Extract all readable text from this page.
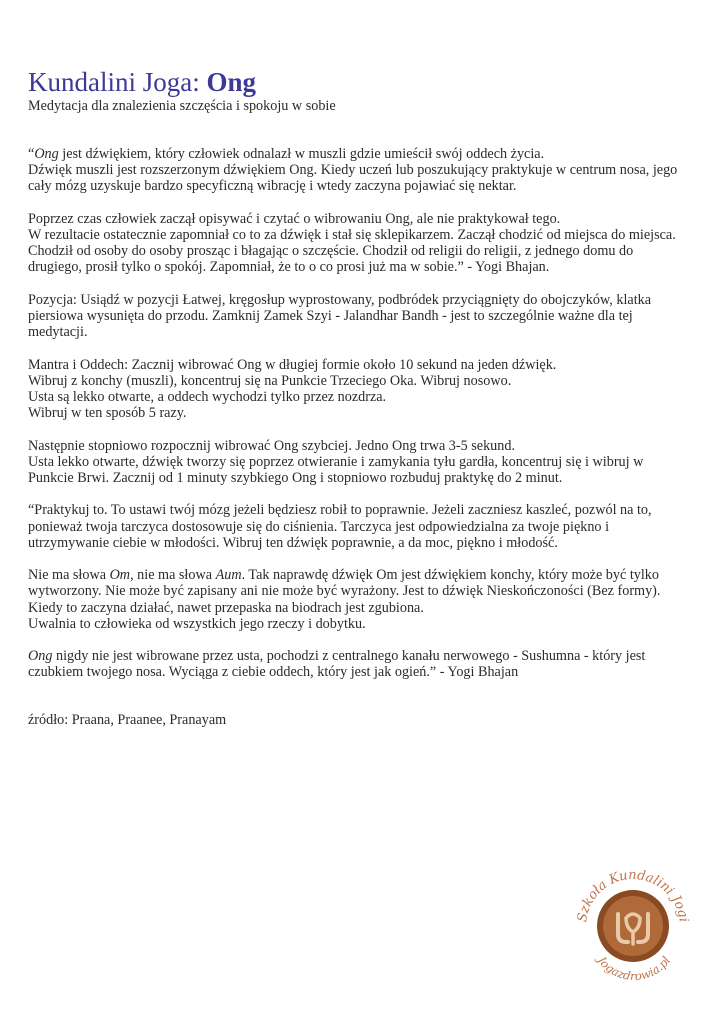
Kundalini Joga: Ong

Medytacja dla znalezienia szczęścia i spokoju w sobie

“Ong jest dźwiękiem, który człowiek odnalazł w muszli gdzie umieścił swój oddech życia.
Dźwięk muszli jest rozszerzonym dźwiękiem Ong. Kiedy uczeń lub poszukujący praktykuje w centrum nosa, jego
cały mózg uzyskuje bardzo specyficzną wibrację i wtedy zaczyna pojawiać się nektar.

Poprzez czas człowiek zaczął opisywać i czytać o wibrowaniu Ong, ale nie praktykował tego.
W rezultacie ostatecznie zapomniał co to za dźwięk i stał się sklepikarzem. Zaczął chodzić od miejsca do miejsca.
Chodził od osoby do osoby prosząc i błagając o szczęście. Chodził od religii do religii, z jednego domu do
drugiego, prosił tylko o spokój. Zapomniał, że to o co prosi już ma w sobie.” - Yogi Bhajan.

Pozycja: Usiądź w pozycji Łatwej, kręgosłup wyprostowany, podbródek przyciągnięty do obojczyków, klatka
piersiowa wysunięta do przodu. Zamknij Zamek Szyi - Jalandhar Bandh - jest to szczególnie ważne dla tej
medytacji.

Mantra i Oddech: Zacznij wibrować Ong w długiej formie około 10 sekund na jeden dźwięk.
Wibruj z konchy (muszli), koncentruj się na Punkcie Trzeciego Oka. Wibruj nosowo.
Usta są lekko otwarte, a oddech wychodzi tylko przez nozdrza.
Wibruj w ten sposób 5 razy.

Następnie stopniowo rozpocznij wibrować Ong szybciej. Jedno Ong trwa 3-5 sekund.
Usta lekko otwarte, dźwięk tworzy się poprzez otwieranie i zamykania tyłu gardła, koncentruj się i wibruj w
Punkcie Brwi. Zacznij od 1 minuty szybkiego Ong i stopniowo rozbuduj praktykę do 2 minut.

“Praktykuj to. To ustawi twój mózg jeżeli będziesz robił to poprawnie. Jeżeli zaczniesz kaszleć, pozwól na to,
ponieważ twoja tarczyca dostosowuje się do ciśnienia. Tarczyca jest odpowiedzialna za twoje piękno i
utrzymywanie ciebie w młodości. Wibruj ten dźwięk poprawnie, a da moc, piękno i młodość.

Nie ma słowa Om, nie ma słowa Aum. Tak naprawdę dźwięk Om jest dźwiękiem konchy, który może być tylko
wytworzony. Nie może być zapisany ani nie może być wyrażony. Jest to dźwięk Nieskończoności (Bez formy).
Kiedy to zaczyna działać, nawet przepaska na biodrach jest zgubiona.
Uwalnia to człowieka od wszystkich jego rzeczy i dobytku.

Ong nigdy nie jest wibrowane przez usta, pochodzi z centralnego kanału nerwowego - Sushumna - który jest
czubkiem twojego nosa. Wyciąga z ciebie oddech, który jest jak ogień.” - Yogi Bhajan

źródło: Praana, Praanee, Pranayam

Szkoła Kundalini Jogi
Jogazdrowia.pl
